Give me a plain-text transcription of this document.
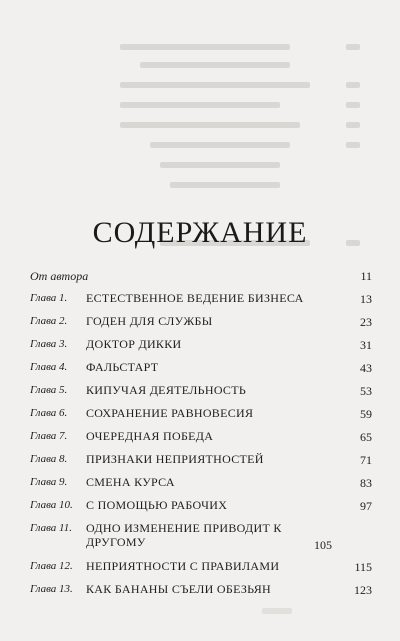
СОДЕРЖАНИЕ
От автора	11
Глава 1.	ЕСТЕСТВЕННОЕ ВЕДЕНИЕ БИЗНЕСА	13
Глава 2.	ГОДЕН ДЛЯ СЛУЖБЫ	23
Глава 3.	ДОКТОР ДИККИ	31
Глава 4.	ФАЛЬСТАРТ	43
Глава 5.	КИПУЧАЯ ДЕЯТЕЛЬНОСТЬ	53
Глава 6.	СОХРАНЕНИЕ РАВНОВЕСИЯ	59
Глава 7.	ОЧЕРЕДНАЯ ПОБЕДА	65
Глава 8.	ПРИЗНАКИ НЕПРИЯТНОСТЕЙ	71
Глава 9.	СМЕНА КУРСА	83
Глава 10.	С ПОМОЩЬЮ РАБОЧИХ	97
Глава 11.	ОДНО ИЗМЕНЕНИЕ ПРИВОДИТ К ДРУГОМУ	105
Глава 12.	НЕПРИЯТНОСТИ С ПРАВИЛАМИ	115
Глава 13.	КАК БАНАНЫ СЪЕЛИ ОБЕЗЬЯН	123
